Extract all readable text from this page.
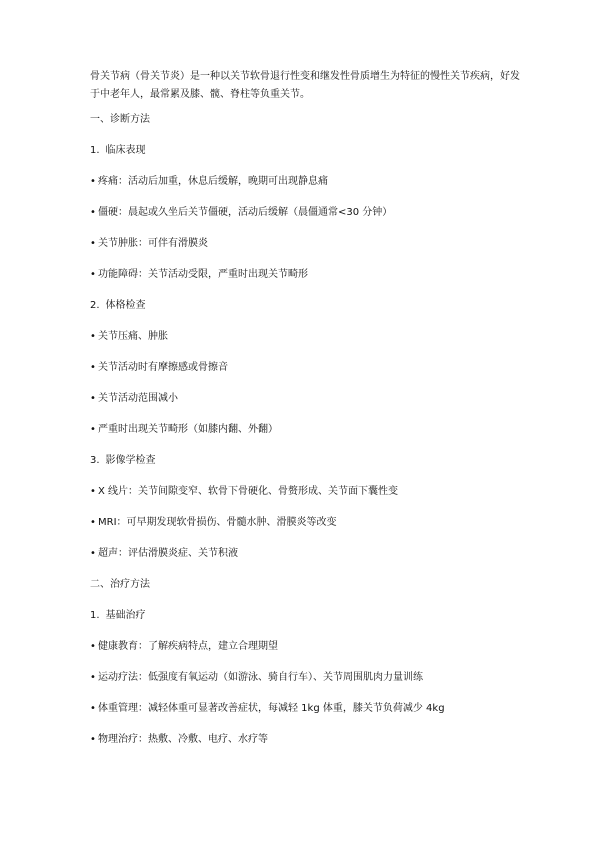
骨关节病（骨关节炎）是一种以关节软骨退行性变和继发性骨质增生为特征的慢性关节疾病，好发于中老年人，最常累及膝、髋、脊柱等负重关节。

一、诊断方法

1. 临床表现

• 疼痛：活动后加重，休息后缓解，晚期可出现静息痛

• 僵硬：晨起或久坐后关节僵硬，活动后缓解（晨僵通常<30 分钟）

• 关节肿胀：可伴有滑膜炎

• 功能障碍：关节活动受限，严重时出现关节畸形

2. 体格检查

• 关节压痛、肿胀

• 关节活动时有摩擦感或骨擦音

• 关节活动范围减小

• 严重时出现关节畸形（如膝内翻、外翻）

3. 影像学检查

• X 线片：关节间隙变窄、软骨下骨硬化、骨赘形成、关节面下囊性变

• MRI：可早期发现软骨损伤、骨髓水肿、滑膜炎等改变

• 超声：评估滑膜炎症、关节积液

二、治疗方法

1. 基础治疗

• 健康教育：了解疾病特点，建立合理期望

• 运动疗法：低强度有氧运动（如游泳、骑自行车）、关节周围肌肉力量训练

• 体重管理：减轻体重可显著改善症状，每减轻 1kg 体重，膝关节负荷减少 4kg

• 物理治疗：热敷、冷敷、电疗、水疗等
